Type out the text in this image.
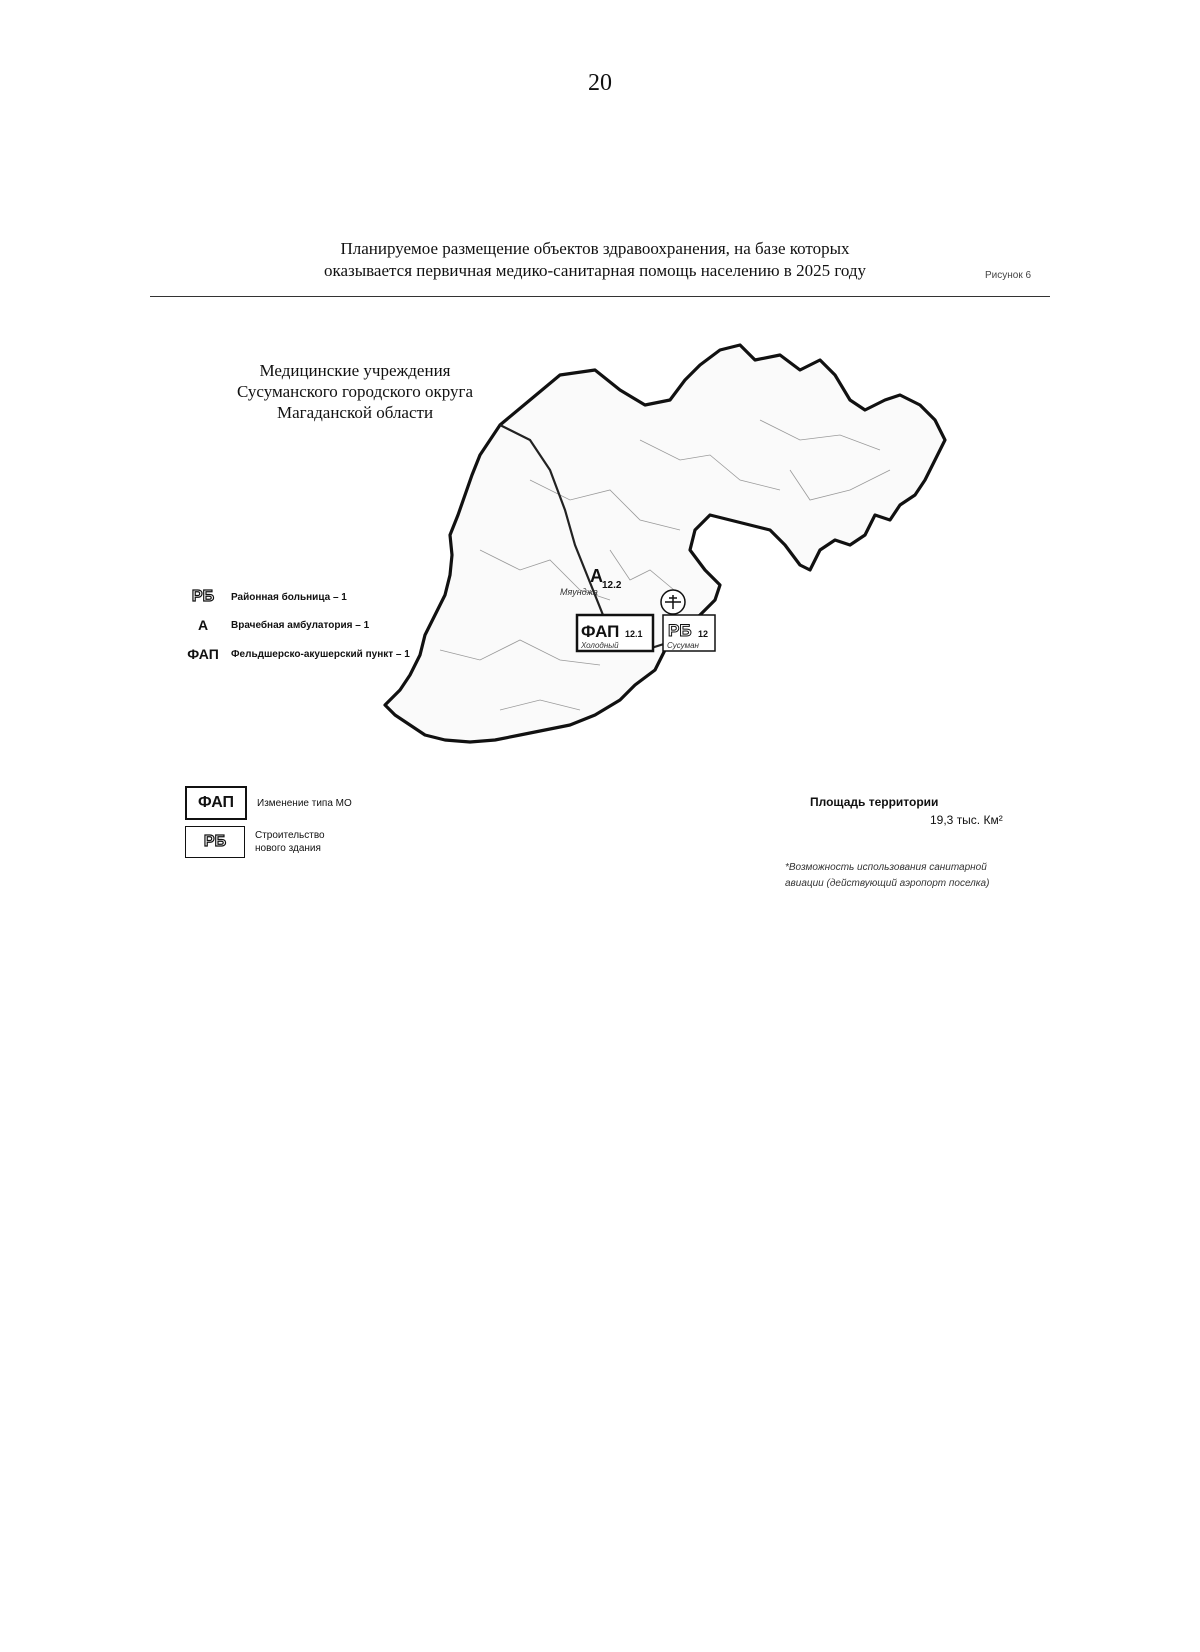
20
Планируемое размещение объектов здравоохранения, на базе которых
оказывается первичная медико-санитарная помощь населению в 2025 году	Рисунок 6
Медицинские учреждения
Сусуманского городского округа
Магаданской области
А 12.2
Мяунджа
ФАП 12.1
Холодный
РБ 12
Сусуман
РБ	Районная больница – 1
А	Врачебная амбулатория – 1
ФАП Фельдшерско-акушерский пункт – 1
ФАП	Изменение типа МО
РБ	Строительство
нового здания
Площадь территории
19,3 тыс. Км²
*Возможность использования санитарной
авиации (действующий аэропорт поселка)
